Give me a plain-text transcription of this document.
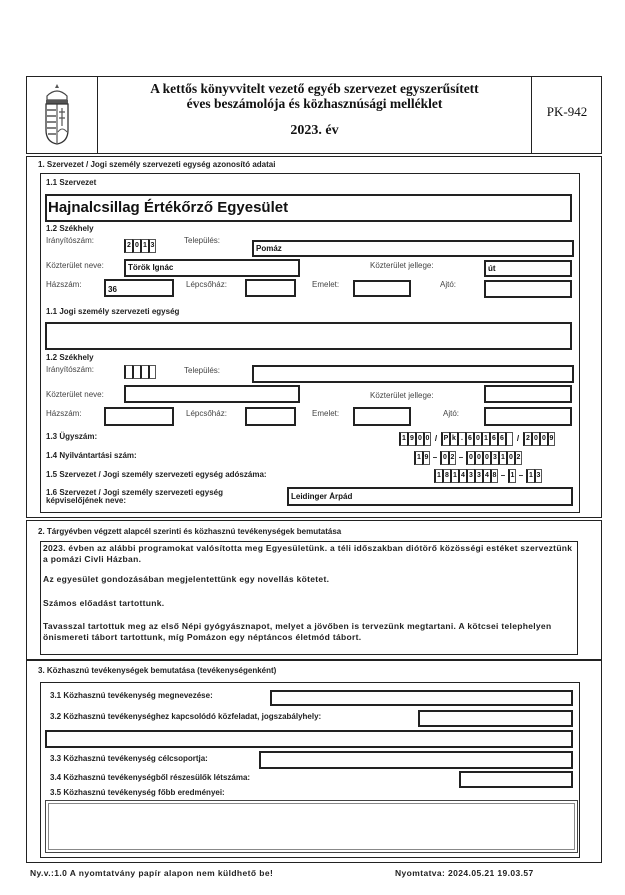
A kettős könyvvitelt vezető egyéb szervezet egyszerűsített
éves beszámolója és közhasznúsági melléklet
2023. év
PK-942
1. Szervezet / Jogi személy szervezeti egység azonosító adatai
1.1 Szervezet
Hajnalcsillag Értékőrző Egyesület
1.2 Székhely
Irányítószám:
2 0 1 3
Település:
Pomáz
Közterület neve:	Török Ignác	Közterület jellege:	út
Házszám:
36
Lépcsőház:	Emelet:	Ajtó:
1.1 Jogi személy szervezeti egység
1.2 Székhely
Irányítószám:	Település:
Közterület neve:	Közterület jellege:
Házszám:	Lépcsőház:	Emelet:	Ajtó:
1.3 Ügyszám:	1 9 0 0 / P k . 6 0 1 6 6	/ 2 0 0 9
1.4 Nyilvántartási szám:	1 9 – 0 2 – 0 0 0 3 1 0 2
1.5 Szervezet / Jogi személy szervezeti egység adószáma:	1 8 1 4 3 3 4 8 – 1 – 1 3
1.6 Szervezet / Jogi személy szervezeti egység
képviselőjének neve:	Leidinger Árpád
2. Tárgyévben végzett alapcél szerinti és közhasznú tevékenységek bemutatása

2023. évben az alábbi programokat valósította meg Egyesületünk. a téli időszakban diótörő közösségi estéket szerveztünk a pomázi Civli Házban.

Az egyesület gondozásában megjelentettünk egy novellás kötetet.

Számos előadást tartottunk.

Tavasszal tartottuk meg az első Népi gyógyásznapot, melyet a jövőben is tervezünk megtartani. A kötcsei telephelyen önismereti tábort tartottunk, míg Pomázon egy néptáncos életmód tábort.

3. Közhasznú tevékenységek bemutatása (tevékenységenként)
3.1 Közhasznú tevékenység megnevezése:
3.2 Közhasznú tevékenységhez kapcsolódó közfeladat, jogszabályhely:
3.3 Közhasznú tevékenység célcsoportja:
3.4 Közhasznú tevékenységből részesülők létszáma:
3.5 Közhasznú tevékenység főbb eredményei:
Ny.v.:1.0 A nyomtatvány papír alapon nem küldhető be!	Nyomtatva: 2024.05.21 19.03.57
